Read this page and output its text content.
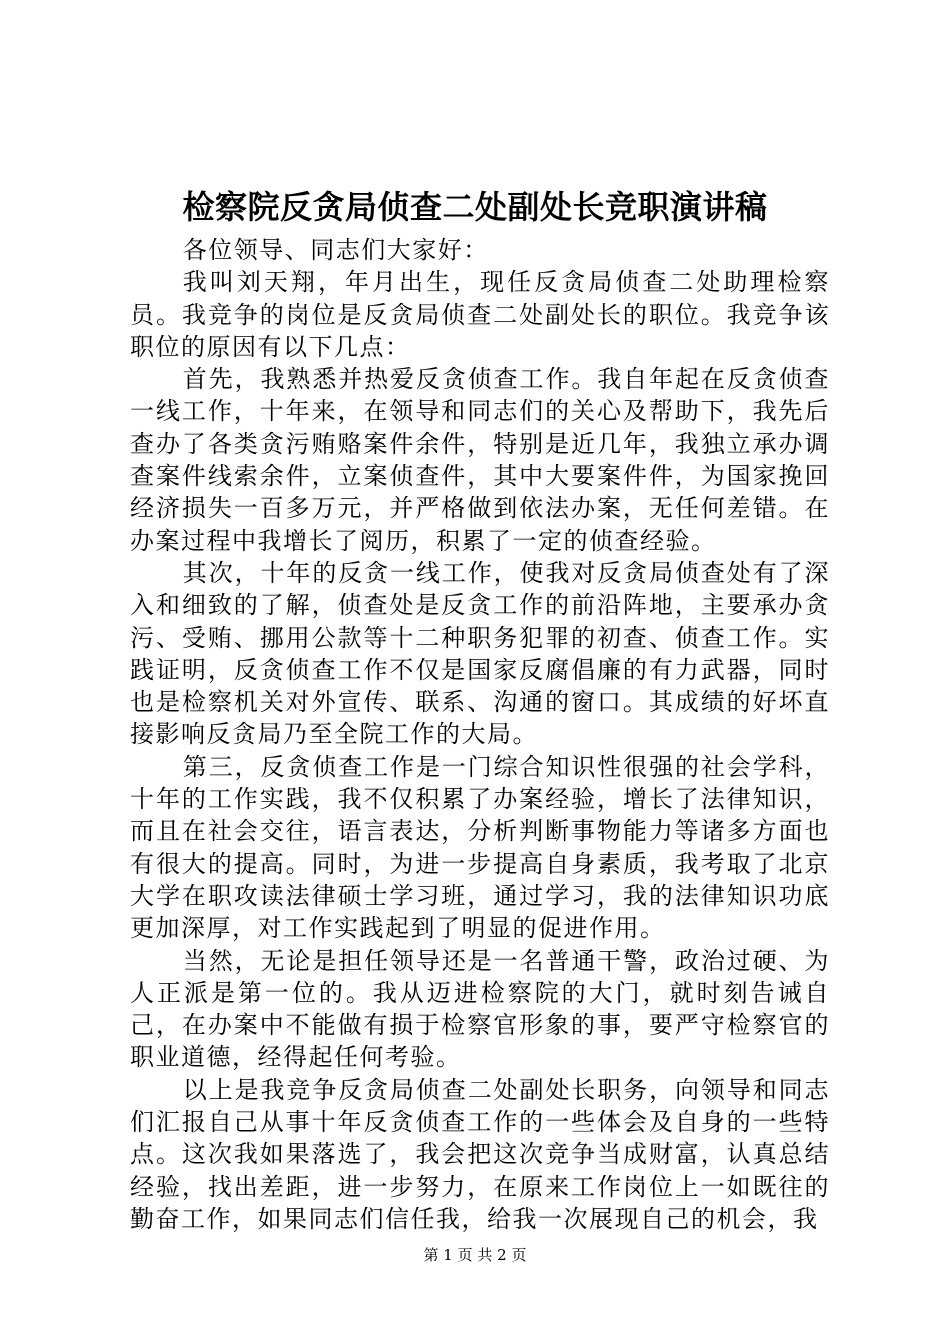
检察院反贪局侦查二处副处长竞职演讲稿

各位领导、同志们大家好：

我叫刘天翔，年月出生，现任反贪局侦查二处助理检察员。我竞争的岗位是反贪局侦查二处副处长的职位。我竞争该职位的原因有以下几点：

首先，我熟悉并热爱反贪侦查工作。我自年起在反贪侦查一线工作，十年来，在领导和同志们的关心及帮助下，我先后查办了各类贪污贿赂案件余件，特别是近几年，我独立承办调查案件线索余件，立案侦查件，其中大要案件件，为国家挽回经济损失一百多万元，并严格做到依法办案，无任何差错。在办案过程中我增长了阅历，积累了一定的侦查经验。

其次，十年的反贪一线工作，使我对反贪局侦查处有了深入和细致的了解，侦查处是反贪工作的前沿阵地，主要承办贪污、受贿、挪用公款等十二种职务犯罪的初查、侦查工作。实践证明，反贪侦查工作不仅是国家反腐倡廉的有力武器，同时也是检察机关对外宣传、联系、沟通的窗口。其成绩的好坏直接影响反贪局乃至全院工作的大局。

第三，反贪侦查工作是一门综合知识性很强的社会学科，十年的工作实践，我不仅积累了办案经验，增长了法律知识，而且在社会交往，语言表达，分析判断事物能力等诸多方面也有很大的提高。同时，为进一步提高自身素质，我考取了北京大学在职攻读法律硕士学习班，通过学习，我的法律知识功底更加深厚，对工作实践起到了明显的促进作用。

当然，无论是担任领导还是一名普通干警，政治过硬、为人正派是第一位的。我从迈进检察院的大门，就时刻告诫自己，在办案中不能做有损于检察官形象的事，要严守检察官的职业道德，经得起任何考验。

以上是我竞争反贪局侦查二处副处长职务，向领导和同志们汇报自己从事十年反贪侦查工作的一些体会及自身的一些特点。这次我如果落选了，我会把这次竞争当成财富，认真总结经验，找出差距，进一步努力，在原来工作岗位上一如既往的勤奋工作，如果同志们信任我，给我一次展现自己的机会，我

第 1 页 共 2 页
